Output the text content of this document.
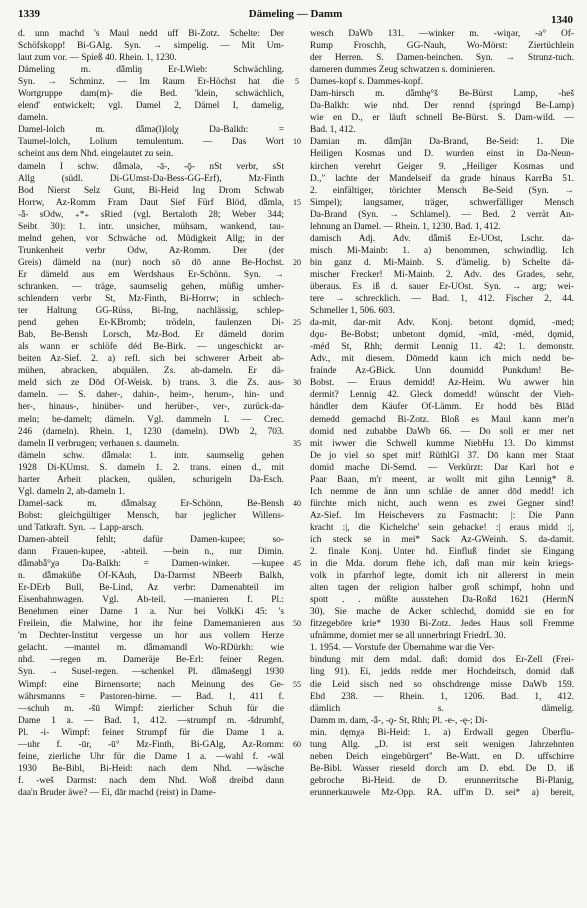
1339	Dämeling — Damm	1340
d. unn machd 's Maul nedd uff Bi-Zotz. Schelte: Der
Schöfskopp! Bi-GAlg. Syn. → simpelig. — Mit Um-
laut zum vor. — Spieß 40. Rhein. 1, 1230.
Dämeling m. dǟmliŋ Er-LWieb: Schwächling.
Syn. → Schminz. — Im Raum Er-Höchst hat die
Wortgruppe dam(m)- die Bed. 'klein, schwächlich,
elend' entwickelt; vgl. Damel 2, Dämel I, damelig,
dameln.
Damel-lolch m. dǟmǝ(l)lol̥χ Da-Balkh: =
Taumel-lolch, Lolium temulentum. — Das Wort
scheint aus dem Nhd. eingelautet zu sein.
dameln I schw. dǟmǝlǝ, -ā-, -ǭ- nSt verbr, sSt
Allg (südl. Di-GUmst-Da-Bess-GG-Erf), Mz-Finth
Bod Nierst Selz Gunt, Bi-Heid Ing Drom Schwab
Horrw, Az-Romm Fram Daut Sief Fürf Blöd, dǟmlǝ,
-ǟ- sOdw, ₊*₊ sRied (vgl. Bertaloth 28; Weber 344;
Seibt 30): 1. intr. unsicher, mühsam, wankend, tau-
melnd gehen, vor Schwäche od. Müdigkeit Allg; in der
Trunkenheit verbr Odw, Az-Romm. Der (der
Greis) dämeld na (nur) noch sō dō anne Be-Hochst.
Er dämeld aus em Werdshaus Er-Schönn. Syn. →
schranken. — träge, saumselig gehen, müßig umher-
schlendern verbr St, Mz-Finth, Bi-Horrw; in schlech-
ter Haltung GG-Rüss, Bi-Ing, nachlässig, schlep-
pend gehen Er-KBromb; trödeln, faulenzen Di-
Bab, Be-Bensh Lorsch, Mz-Bod. Er dämeld dorim
als wann er schlöfe déd Be-Birk. — ungeschickt ar-
beiten Az-Sief. 2. a) refl. sich bei schwerer Arbeit ab-
mühen, abracken, abquälen. Zs. ab-dameln. Er dä-
meld sich ze Dōd Of-Weisk. b) trans. 3. die Zs. aus-
dameln. — S. daher-, dahin-, heim-, herum-, hin- und
her-, hinaus-, hinüber- und herüber-, ver-, zurück-da-
meln; be-damelt; dämeln. Vgl. dammeln I. — Crec.
246 (dameln). Rhein. 1, 1230 (dameln). DWb 2, 703.
dameln II verbrugen; verhauen s. daumeln.
dämeln schw. dǟmǝlǝ: 1. intr. saumselig gehen
1928 Di-KUmst. S. dameln 1. 2. trans. einen d., mit
harter Arbeit placken, quälen, schurigeln Da-Esch.
Vgl. dameln 2, ab-dameln 1.
Damel-sack m. dǟmǝlsaχ Er-Schönn, Be-Bensh
Bobst: gleichgültiger Mensch, bar jeglicher Willens-
und Tatkraft. Syn. → Lapp-arsch.
Damen-abteil fehlt; dafür Damen-kupee; so-
dann Frauen-kupee, -abteil. —bein n., nur Dimin.
dǟmǝbǟ°χǝ Da-Balkh: = Damen-winker. —kupee
n. dǟmǝküḃe Of-KAuh, Da-Darmst NBeerb Balkh,
Er-DErb Bull, Be-Lind, Az verbr: Damenabteil im
Eisenbahnwagen. Vgl. Ab-teil. —manieren f. Pl.:
Benehmen einer Dame 1 a. Nur bei VolkKi 45: 's
Freilein, die Malwine, hor ihr feine Damemanieren aus
'm Dechter-Institut vergesse un hor aus vollem Herze
gelacht. —mantel m. dǟmǝmandl Wo-RDürkh: wie
nhd. —regen m. Dameräje Be-Erl: feiner Regen.
Syn. → Susel-regen. —schenkel Pl. dǟmǝšeŋgl 1930
Wimpf: eine Birnensorte; nach Meinung des Ge-
währsmanns = Pastoren-birne. — Bad. 1, 411 f.
—schuh m. -šū Wimpf: zierlicher Schuh für die
Dame 1 a. — Bad. 1, 412. —strumpf m. -šdrumbf,
Pl. -i- Wimpf: feiner Strumpf für die Dame 1 a.
—uhr f. -ūr, -ū° Mz-Finth, Bi-GAlg, Az-Romm:
feine, zierliche Uhr für die Dame 1 a. —wahl f. -wāl
1930 Be-Bibl, Bi-Heid: nach dem Nhd. —wäsche
f. -weš Darmst: nach dem Nhd. Woß dreibd dann
daa'n Bruder äwe? — Ei, dār machd (reist) in Dame-
5
10
15
20
25
30
35
40
45
50
55
60
wesch DaWb 131. —winker m. -wiŋǝr, -ǝ° Of-
Rump Froschh, GG-Nauh, Wo-Mörst: Ziertüchlein
der Herren. S. Damen-beinchen. Syn. → Strunz-tuch.
dameren dummes Zeug schwatzen s. dominieren.
Dames-kopf s. Dammes-kopf.
Dam-hirsch m. dǟmhę°š Be-Bürst Lamp, -heš
Da-Balkh: wie nhd. Der rennd (springd Be-Lamp)
wie en D., er läuft schnell Be-Bürst. S. Dam-wild. —
Bad. 1, 412.
Damian m. dǟmǰān Da-Brand, Be-Seid: 1. Die
Heiligen Kosmas und D. wurden einst in Da-Neun-
kirchen verehrt Geiger 9. „Heiliger Kosmas und
D.," lachte der Mandelseif da grade hinaus KarrBa 51.
2. einfältiger, törichter Mensch Be-Seid (Syn. →
Simpel); langsamer, träger, schwerfälliger Mensch
Da-Brand (Syn. → Schlamel). — Bed. 2 verrät An-
lehnung an Damel. — Rhein. 1, 1230. Bad. 1, 412.
damisch Adj. Adv. dǟmiš Er-UOst, Lschr. da-
misch Mi-Mainb: 1. a) benommen, schwindlig. Ich
bin ganz d. Mi-Mainb. S. d'ämelig. b) Schelte dä-
mischer Frecker! Mi-Mainb. 2. Adv. des Grades, sehr,
überaus. Es iß d. sauer Er-UOst. Syn. → arg; wei-
tere → schrecklich. — Bad. 1, 412. Fischer 2, 44.
Schmeller 1, 506. 603.
da-mit, dar-mit Adv. Konj. betont dǫmíd, -med;
dǫu- Be-Bobst; unbetont dǫmíd, -mīd, -méd, dǫmid,
-méd St, Rhh; dermit Lennig 11. 42: 1. demonstr.
Adv., mit diesem. Dōmedd kann ich mich nedd be-
fraínde Az-GBick. Unn doumidd Punkdum! Be-
Bobst. — Eraus demidd! Az-Heim. Wu awwer hin
dermit? Lennig 42. Gleck domedd! wünscht der Vieh-
händler dem Käufer Of-Lämm. Er hodd bēs Blād
demedd gemachd Bi-Zotz. Bloß es Maul kann mer'n
domid ned zubabbe DaWb 66. — Do soll er mer net
mit iwwer die Schwell kumme NiebHu 13. Do kimmst
De jo viel so spet mit! RüthlGl 37. Dō kann mer Staat
domid mache Di-Semd. — Verkürzt: Dar Karl hot e
Paar Baan, m'r meent, ar wollt mit gihn Lennig* 8.
Ich nemme de änn unn schläe de anner dōd medd! ich
fürchte mich nicht, auch wenn es zwei Gegner sind!
Az-Sief. Im Heischevers zu Fastnacht: |: Die Pann
kracht :|, die Kichelche' sein gebacke! :| eraus midd :|,
ich steck se in mei* Sack Az-GWeinh. S. da-damit.
2. finale Konj. Unter hd. Einfluß findet sie Eingang
in die Mda. dorum flehe ich, daß man mir kein kriegs-
volk in pfarrhof legte, domit ich nit allererst in mein
alten tagen der religion halber groß schimpf, hohn und
spott . . müßte ausstehen Da-Roßd 1621 (HermN
30). Sie mache de Acker schlechd, domidd sie en for
fitzegebōre krie* 1930 Bi-Zotz. Jedes Haus soll Fremme
ufnämme, domiet mer se all unnerbringt FriedrL 30.
1. 1954. — Vorstufe der Übernahme war die Ver-
bindung mit dem mdal. daß: domid dos Er-Zell (Frei-
ling 91). Ei, jedds redde mer Hochdeitsch, domid daß
die Leid sisch ned so ohschdrenge misse DaWb 159.
Ebd 238. — Rhein. 1, 1206. Bad. 1, 412.
dämlich s. dämelig.
Damm m. dam, -ǟ-, -ǫ- St, Rhh; Pl. -e-, -ę-; Di-
min. dęmχǝ Bi-Heid: 1. a) Erdwall gegen Überflu-
tung Allg. „D. ist erst seit wenigen Jahrzehnten
neben Deich eingebürgert" Be-Watt. en D. uffschirre
Be-Bibl. Wasser rieseld dorch am D. ebd. De D. iß
gebroche Bi-Heid. de D. erunnerritsche Bi-Planig,
erunnerkauwele Mz-Opp. RA. uff'm D. sei* a) bereit,
